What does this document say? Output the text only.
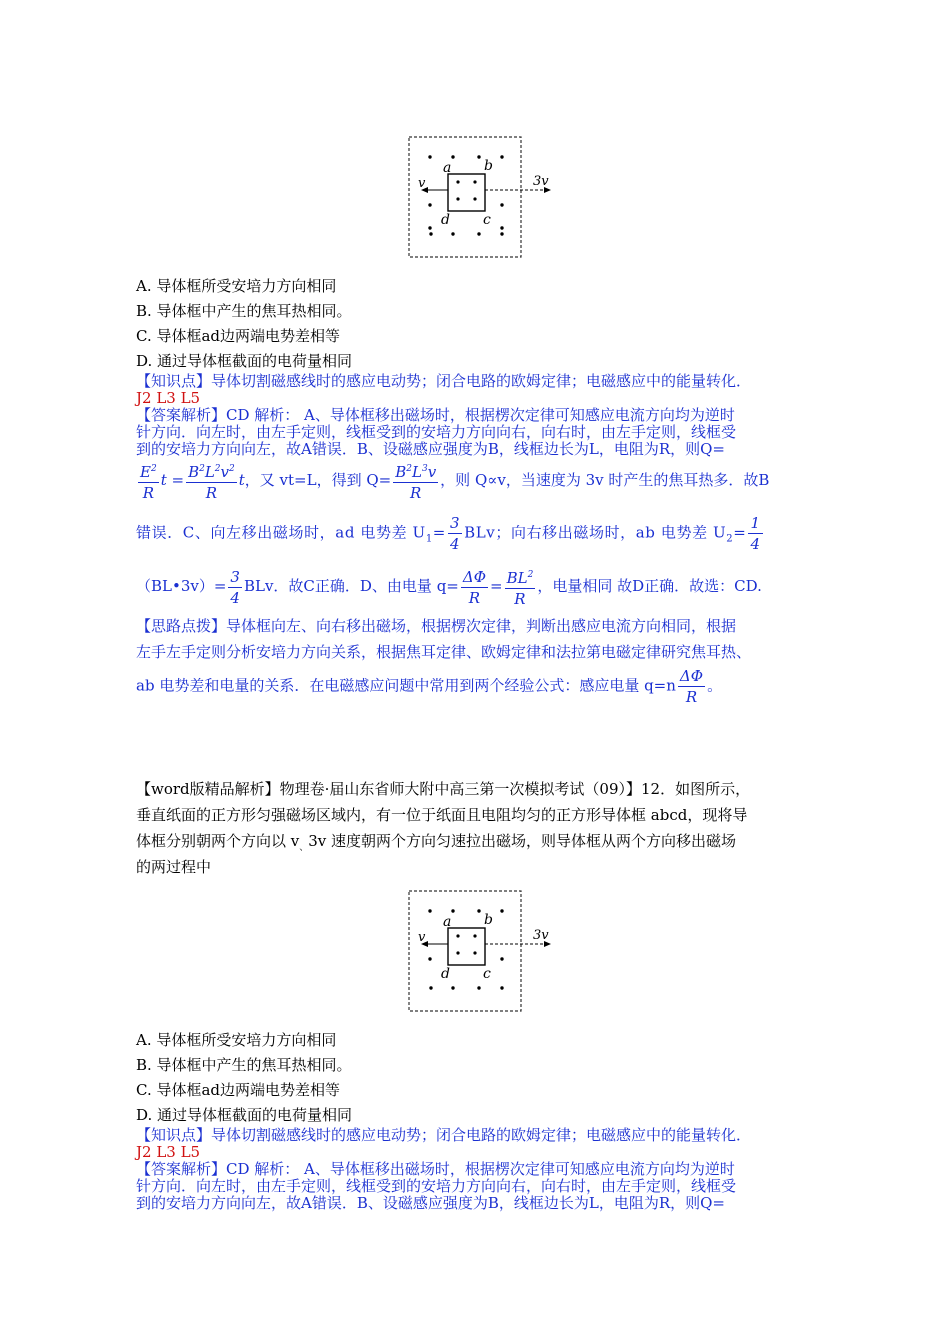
a b
c
d
v	3v
A. 导体框所受安培力方向相同
B. 导体框中产生的焦耳热相同。
C. 导体框ad边两端电势差相等
D. 通过导体框截面的电荷量相同
【知识点】导体切割磁感线时的感应电动势；闭合电路的欧姆定律；电磁感应中的能量转化．
J2 L3 L5
【答案解析】CD 解析： A、导体框移出磁场时，根据楞次定律可知感应电流方向均为逆时
针方向．向左时，由左手定则，线框受到的安培力方向向右，向右时，由左手定则，线框受
到的安培力方向向左，故A错误．B、设磁感应强度为B，线框边长为L，电阻为R，则Q=
$\frac{E^2}{R}$ $t = \frac{B^2L^2v^2}{R}$ t，又 vt=L，得到 $Q= \frac{B^2L^3v}{R}$ ，则 Q∝v，当速度为 3v 时产生的焦耳热多．故B
错误．C、向左移出磁场时，ad 电势差 $U_1= \frac{3}{4}$ BLv；向右移出磁场时，ab 电势差 $U_2= \frac{1}{4}$
（BL•3v）= $\frac{3}{4}$ BLv．故C正确．D、由电量 $q= \frac{\Delta\Phi}{R} = \frac{BL^2}{R}$ ，电量相同 故D正确．故选：CD.
【思路点拨】导体框向左、向右移出磁场，根据楞次定律，判断出感应电流方向相同，根据
左手左手定则分析安培力方向关系，根据焦耳定律、欧姆定律和法拉第电磁定律研究焦耳热、
ab 电势差和电量的关系．在电磁感应问题中常用到两个经验公式：感应电量 $q=n \frac{\Delta\Phi}{R}$ 。
【word版精品解析】物理卷·届山东省师大附中高三第一次模拟考试（09）】12．如图所示，
垂直纸面的正方形匀强磁场区域内，有一位于纸面且电阻均匀的正方形导体框 abcd，现将导
体框分别朝两个方向以 $v_、3v$ 速度朝两个方向匀速拉出磁场，则导体框从两个方向移出磁场
的两过程中
a b
c
d
v	3v
A. 导体框所受安培力方向相同
B. 导体框中产生的焦耳热相同。
C. 导体框ad边两端电势差相等
D. 通过导体框截面的电荷量相同
【知识点】导体切割磁感线时的感应电动势；闭合电路的欧姆定律；电磁感应中的能量转化．
J2 L3 L5
【答案解析】CD 解析： A、导体框移出磁场时，根据楞次定律可知感应电流方向均为逆时
针方向．向左时，由左手定则，线框受到的安培力方向向右，向右时，由左手定则，线框受
到的安培力方向向左，故A错误．B、设磁感应强度为B，线框边长为L，电阻为R，则Q=
